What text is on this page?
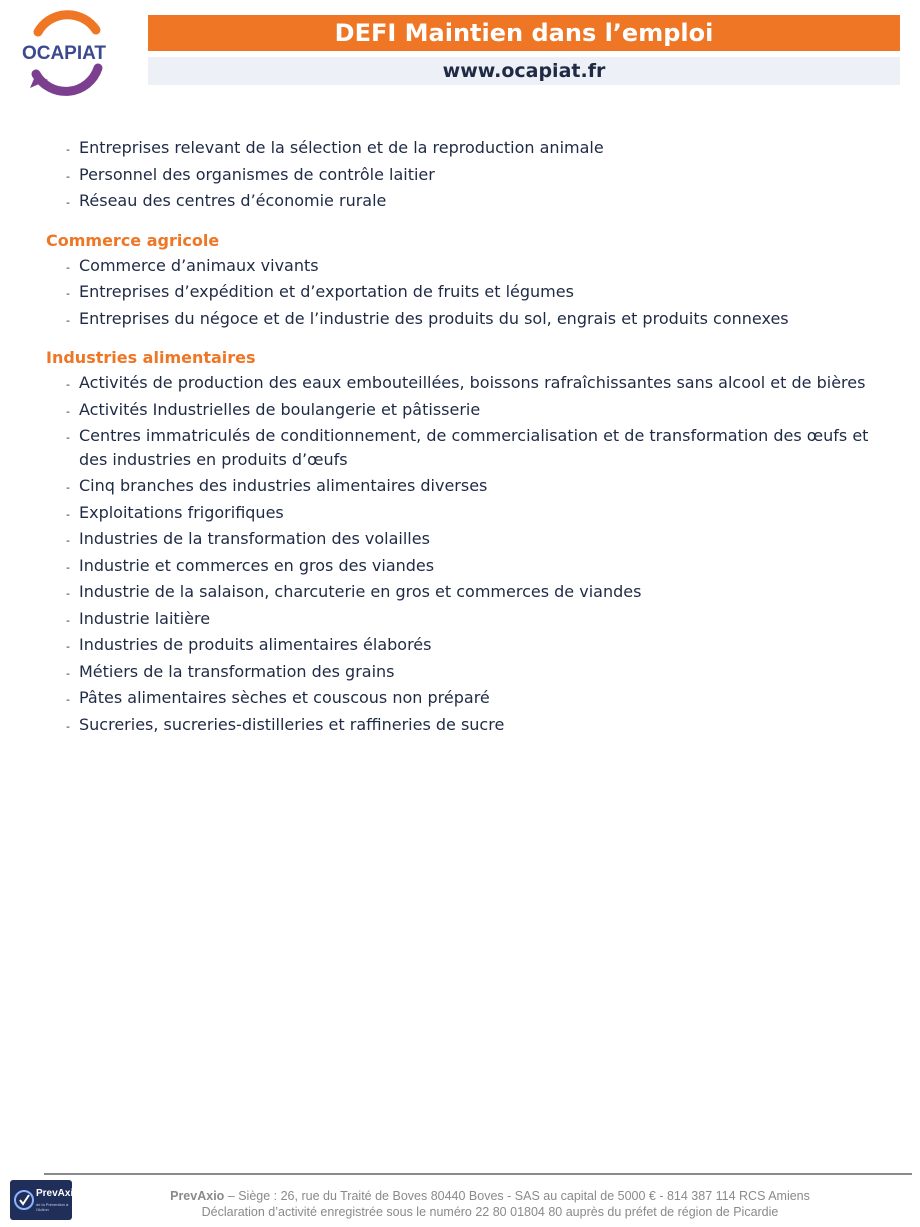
OCAPIAT
DEFI Maintien dans l’emploi
www.ocapiat.fr
- Entreprises relevant de la sélection et de la reproduction animale
- Personnel des organismes de contrôle laitier
- Réseau des centres d’économie rurale
Commerce agricole
- Commerce d’animaux vivants
- Entreprises d’expédition et d’exportation de fruits et légumes
- Entreprises du négoce et de l’industrie des produits du sol, engrais et produits connexes
Industries alimentaires
- Activités de production des eaux embouteillées, boissons rafraîchissantes sans alcool et de bières
- Activités Industrielles de boulangerie et pâtisserie
- Centres immatriculés de conditionnement, de commercialisation et de transformation des œufs et des industries en produits d’œufs
- Cinq branches des industries alimentaires diverses
- Exploitations frigorifiques
- Industries de la transformation des volailles
- Industrie et commerces en gros des viandes
- Industrie de la salaison, charcuterie en gros et commerces de viandes
- Industrie laitière
- Industries de produits alimentaires élaborés
- Métiers de la transformation des grains
- Pâtes alimentaires sèches et couscous non préparé
- Sucreries, sucreries-distilleries et raffineries de sucre
PrevAxio
de la Prévention à l'Action
PrevAxio – Siège : 26, rue du Traité de Boves 80440 Boves - SAS au capital de 5000 € - 814 387 114 RCS Amiens
Déclaration d’activité enregistrée sous le numéro 22 80 01804 80 auprès du préfet de région de Picardie
